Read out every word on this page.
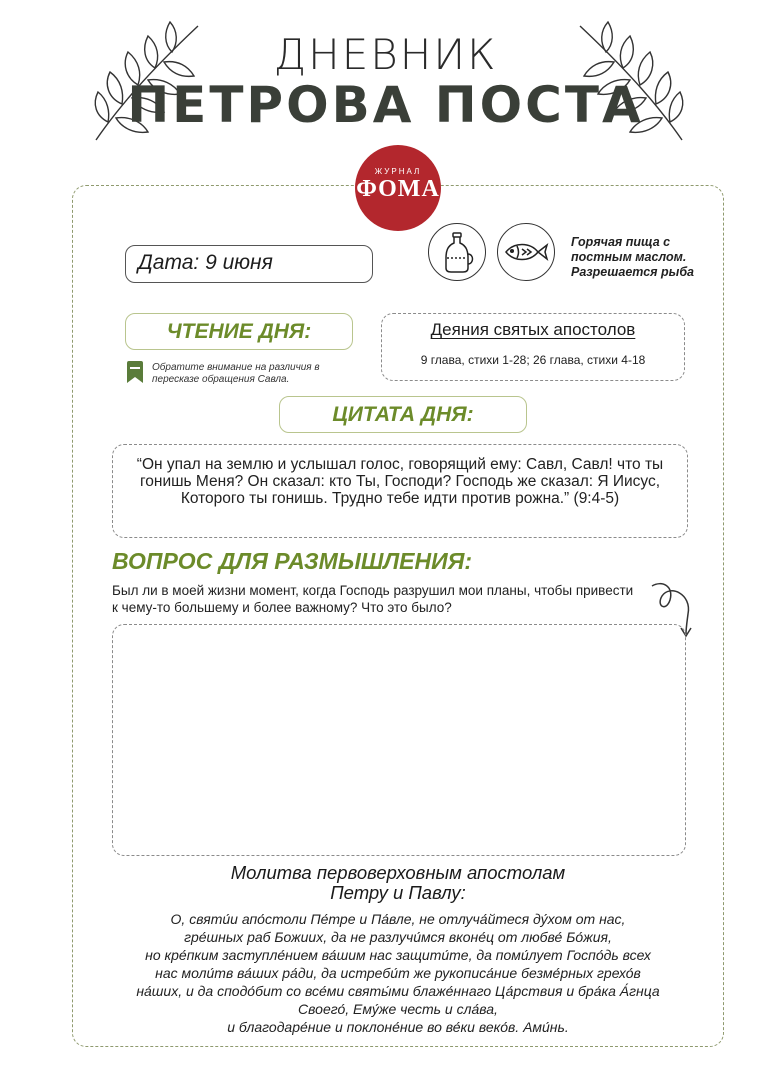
ДНЕВНИК
ПЕТРОВА ПОСТА
ЖУРНАЛ
ФОМА
Дата: 9 июня
Горячая пища с постным маслом. Разрешается рыба
ЧТЕНИЕ ДНЯ:
Обратите внимание на различия в пересказе обращения Савла.
Деяния святых апостолов
9 глава, стихи 1-28; 26 глава, стихи 4-18
ЦИТАТА ДНЯ:
“Он упал на землю и услышал голос, говорящий ему: Савл, Савл! что ты гонишь Меня? Он сказал: кто Ты, Господи? Господь же сказал: Я Иисус, Которого ты гонишь. Трудно тебе идти против рожна.” (9:4-5)
ВОПРОС ДЛЯ РАЗМЫШЛЕНИЯ:
Был ли в моей жизни момент, когда Господь разрушил мои планы, чтобы привести к чему-то большему и более важному? Что это было?
Молитва первоверховным апостолам
Петру и Павлу:
О, святи́и апо́столи Пе́тре и Па́вле, не отлуча́йтеся ду́хом от нас,
гре́шных раб Божиих, да не разлучи́мся вконе́ц от любве́ Бо́жия,
но кре́пким заступле́нием ва́шим нас защити́те, да поми́лует Госпо́дь всех
нас моли́тв ва́ших ра́ди, да истреби́т же рукописа́ние безме́рных грехо́в
на́ших, и да сподо́бит со все́ми святы́ми блаже́ннаго Ца́рствия и бра́ка А́гнца
Своего́, Ему́же честь и сла́ва,
и благодаре́ние и поклоне́ние во ве́ки веко́в. Ами́нь.
